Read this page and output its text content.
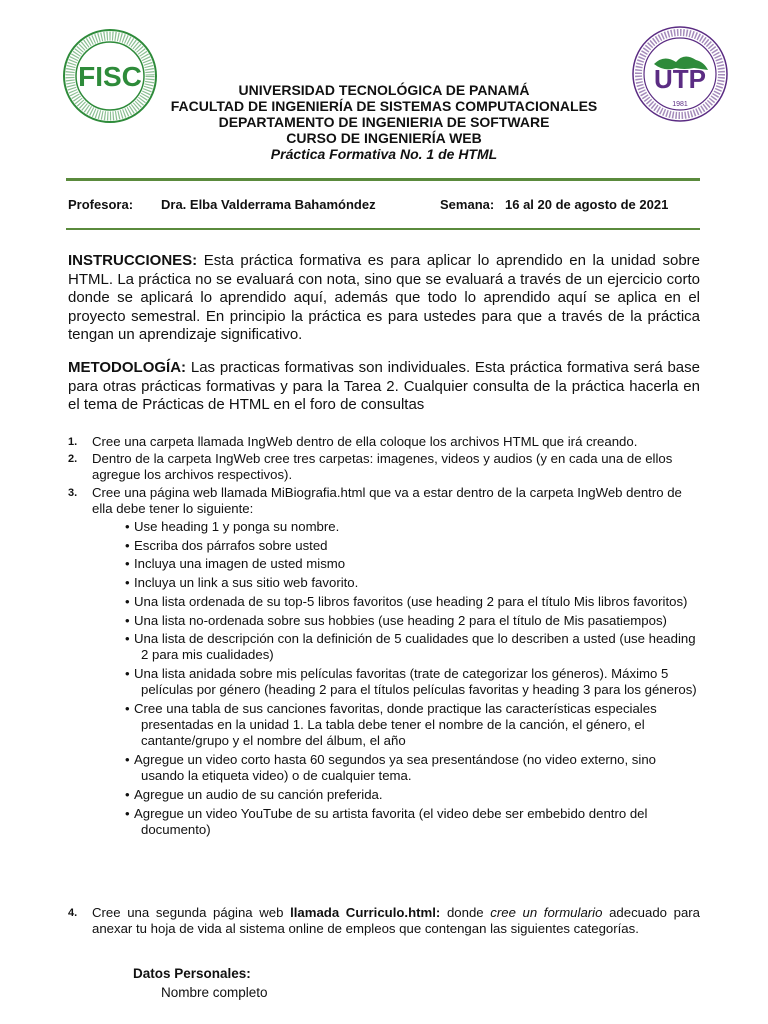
FISC	UTP
1981
UNIVERSIDAD TECNOLÓGICA DE PANAMÁ
FACULTAD DE INGENIERÍA DE SISTEMAS COMPUTACIONALES
DEPARTAMENTO DE INGENIERIA DE SOFTWARE
CURSO DE INGENIERÍA WEB
Práctica Formativa No. 1 de HTML
Profesora: Dra. Elba Valderrama Bahamóndez	Semana: 16 al 20 de agosto de 2021
INSTRUCCIONES: Esta práctica formativa es para aplicar lo aprendido en la unidad sobre HTML. La práctica no se evaluará con nota, sino que se evaluará a través de un ejercicio corto donde se aplicará lo aprendido aquí, además que todo lo aprendido aquí se aplica en el proyecto semestral. En principio la práctica es para ustedes para que a través de la práctica tengan un aprendizaje significativo.
METODOLOGÍA: Las practicas formativas son individuales. Esta práctica formativa será base para otras prácticas formativas y para la Tarea 2. Cualquier consulta de la práctica hacerla en el tema de Prácticas de HTML en el foro de consultas
1. Cree una carpeta llamada IngWeb dentro de ella coloque los archivos HTML que irá creando.
2. Dentro de la carpeta IngWeb cree tres carpetas: imagenes, videos y audios (y en cada una de ellos agregue los archivos respectivos).
3. Cree una página web llamada MiBiografia.html que va a estar dentro de la carpeta IngWeb dentro de ella debe tener lo siguiente:
• Use heading 1 y ponga su nombre.
• Escriba dos párrafos sobre usted
• Incluya una imagen de usted mismo
• Incluya un link a sus sitio web favorito.
• Una lista ordenada de su top-5 libros favoritos (use heading 2 para el título Mis libros favoritos)
• Una lista no-ordenada sobre sus hobbies (use heading 2 para el título de Mis pasatiempos)
• Una lista de descripción con la definición de 5 cualidades que lo describen a usted (use heading 2 para mis cualidades)
• Una lista anidada sobre mis películas favoritas (trate de categorizar los géneros). Máximo 5 películas por género (heading 2 para el títulos películas favoritas y heading 3 para los géneros)
• Cree una tabla de sus canciones favoritas, donde practique las características especiales presentadas en la unidad 1. La tabla debe tener el nombre de la canción, el género, el cantante/grupo y el nombre del álbum, el año
• Agregue un video corto hasta 60 segundos ya sea presentándose (no video externo, sino usando la etiqueta video) o de cualquier tema.
• Agregue un audio de su canción preferida.
• Agregue un video YouTube de su artista favorita (el video debe ser embebido dentro del documento)
4.	Cree una segunda página web llamada Curriculo.html: donde cree un formulario adecuado para anexar tu hoja de vida al sistema online de empleos que contengan las siguientes categorías.
Datos Personales:
Nombre completo
